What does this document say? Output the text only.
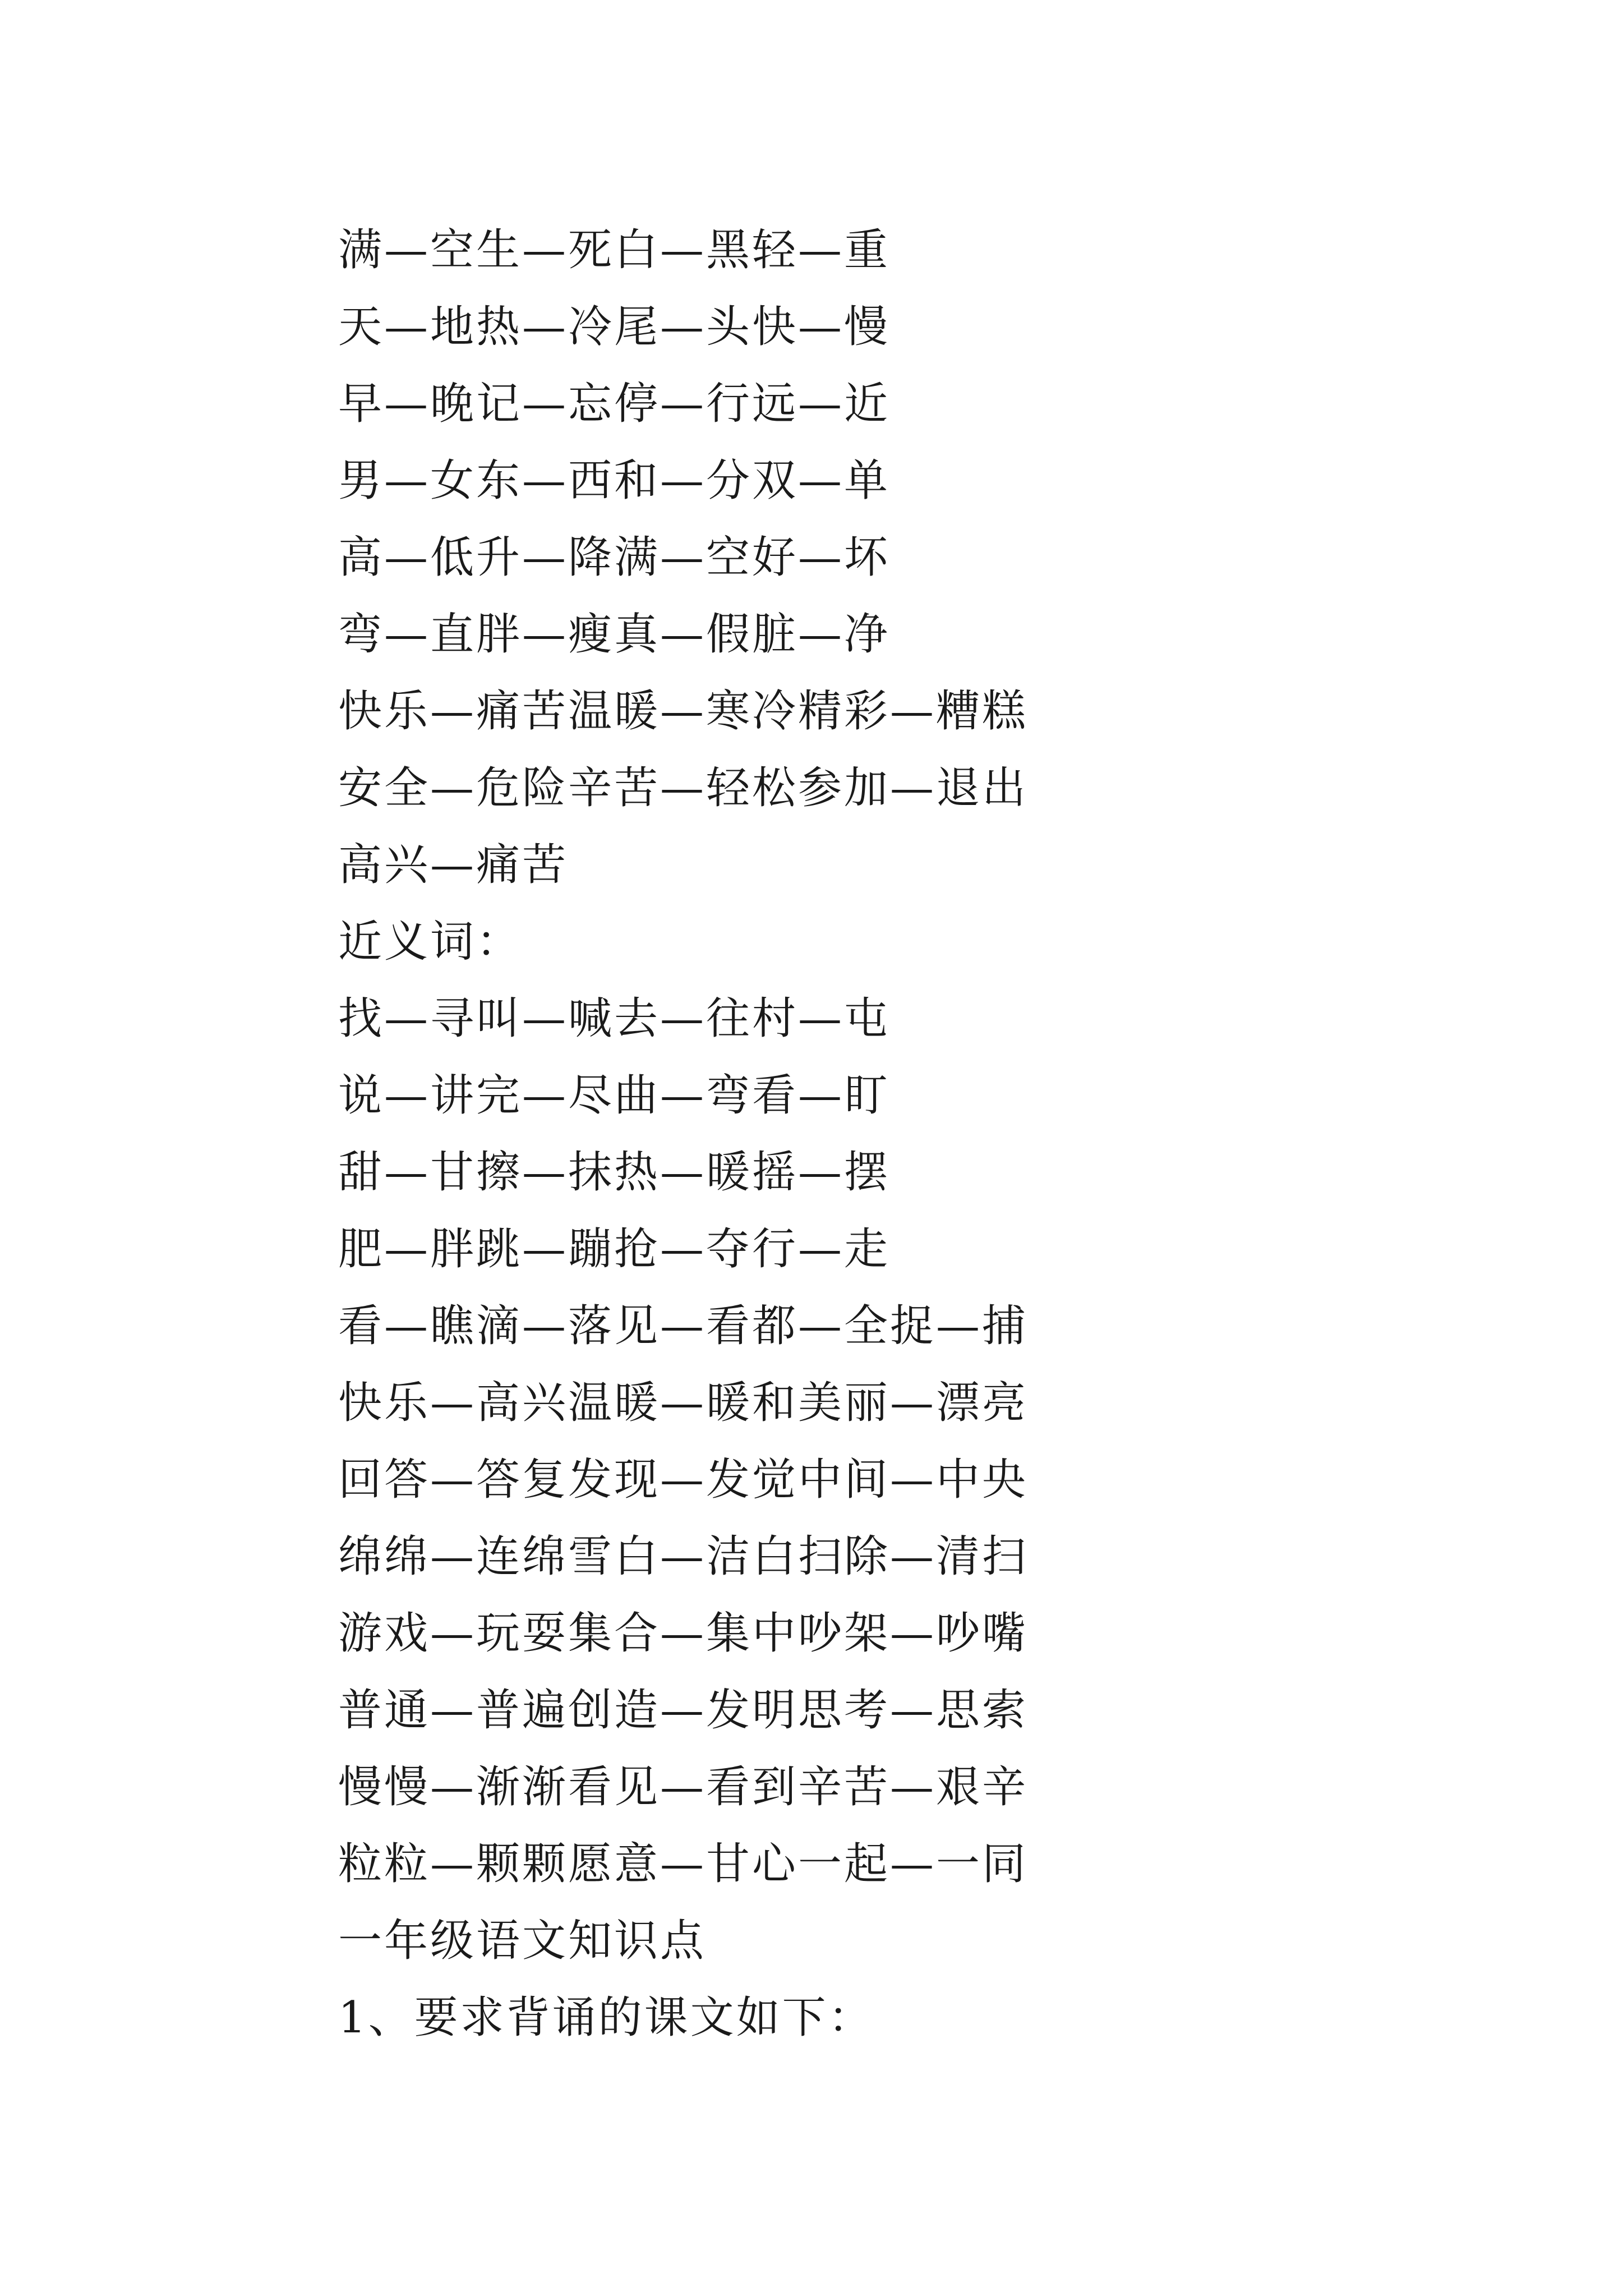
满—空生—死白—黑轻—重
天—地热—冷尾—头快—慢
早—晚记—忘停—行远—近
男—女东—西和—分双—单
高—低升—降满—空好—坏
弯—直胖—瘦真—假脏—净
快乐—痛苦温暖—寒冷精彩—糟糕
安全—危险辛苦—轻松参加—退出
高兴—痛苦
近义词：
找—寻叫—喊去—往村—屯
说—讲完—尽曲—弯看—盯
甜—甘擦—抹热—暖摇—摆
肥—胖跳—蹦抢—夺行—走
看—瞧滴—落见—看都—全捉—捕
快乐—高兴温暖—暖和美丽—漂亮
回答—答复发现—发觉中间—中央
绵绵—连绵雪白—洁白扫除—清扫
游戏—玩耍集合—集中吵架—吵嘴
普通—普遍创造—发明思考—思索
慢慢—渐渐看见—看到辛苦—艰辛
粒粒—颗颗愿意—甘心一起—一同
一年级语文知识点
1、要求背诵的课文如下：
